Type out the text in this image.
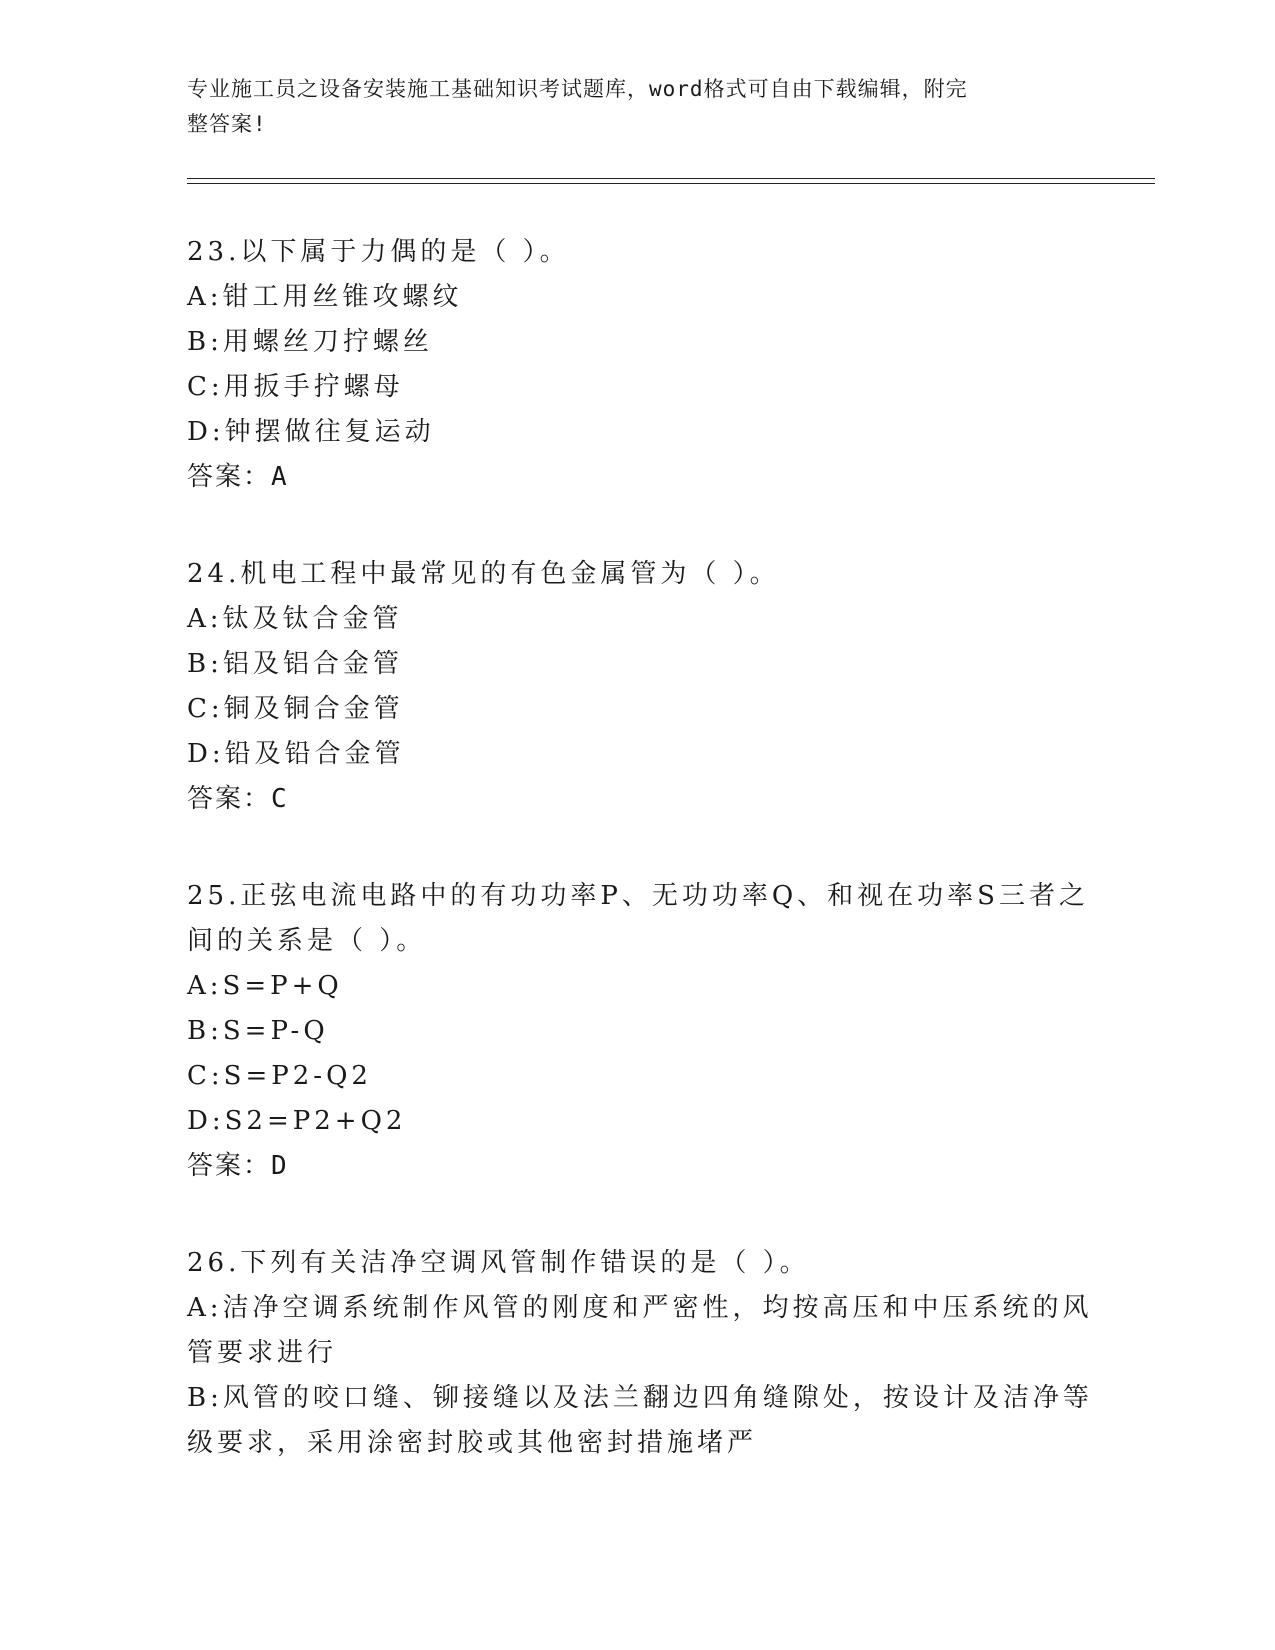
专业施工员之设备安装施工基础知识考试题库，word格式可自由下载编辑，附完
整答案!
23.以下属于力偶的是（ ）。
A:钳工用丝锥攻螺纹
B:用螺丝刀拧螺丝
C:用扳手拧螺母
D:钟摆做往复运动
答案：A
24.机电工程中最常见的有色金属管为（ ）。
A:钛及钛合金管
B:铝及铝合金管
C:铜及铜合金管
D:铅及铅合金管
答案：C
25.正弦电流电路中的有功功率P、无功功率Q、和视在功率S三者之
间的关系是（ ）。
A:S=P+Q
B:S=P-Q
C:S=P2-Q2
D:S2=P2+Q2
答案：D
26.下列有关洁净空调风管制作错误的是（ ）。
A:洁净空调系统制作风管的刚度和严密性，均按高压和中压系统的风
管要求进行
B:风管的咬口缝、铆接缝以及法兰翻边四角缝隙处，按设计及洁净等
级要求，采用涂密封胶或其他密封措施堵严
